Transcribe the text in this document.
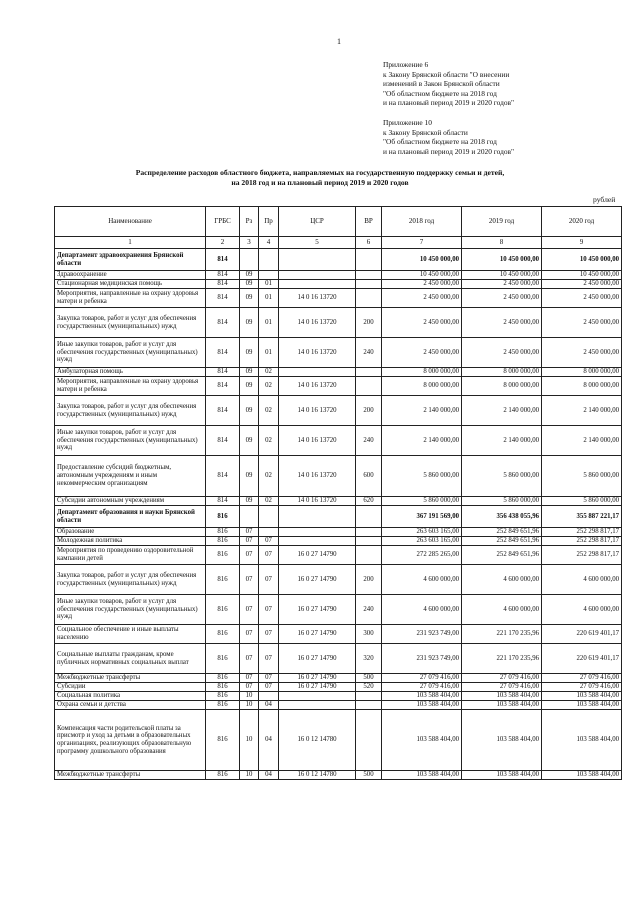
1
Приложение 6
к Закону Брянской области "О внесении
изменений в Закон Брянской области
"Об областном бюджете на 2018 год
и на плановый период 2019 и 2020 годов"
Приложение 10
к Закону Брянской области
"Об областном бюджете на 2018 год
и на плановый период 2019 и 2020 годов"
Распределение расходов областного бюджета, направляемых на государственную поддержку семьи и детей,
на 2018 год и на плановый период 2019 и 2020 годов
рублей
Наименование	ГРБС	Рз	Пр	ЦСР	ВР	2018 год	2019 год	2020 год
1	2	3	4	5	6	7	8	9
Департамент здравоохранения Брянской области	814					10 450 000,00	10 450 000,00	10 450 000,00
Здравоохранение	814	09				10 450 000,00	10 450 000,00	10 450 000,00
Стационарная медицинская помощь	814	09	01			2 450 000,00	2 450 000,00	2 450 000,00
Мероприятия, направленные на охрану здоровья матери и ребенка	814	09	01	14 0 16 13720		2 450 000,00	2 450 000,00	2 450 000,00
Закупка товаров, работ и услуг для обеспечения государственных (муниципальных) нужд	814	09	01	14 0 16 13720	200	2 450 000,00	2 450 000,00	2 450 000,00
Иные закупки товаров, работ и услуг для обеспечения государственных (муниципальных) нужд	814	09	01	14 0 16 13720	240	2 450 000,00	2 450 000,00	2 450 000,00
Амбулаторная помощь	814	09	02			8 000 000,00	8 000 000,00	8 000 000,00
Мероприятия, направленные на охрану здоровья матери и ребенка	814	09	02	14 0 16 13720		8 000 000,00	8 000 000,00	8 000 000,00
Закупка товаров, работ и услуг для обеспечения государственных (муниципальных) нужд	814	09	02	14 0 16 13720	200	2 140 000,00	2 140 000,00	2 140 000,00
Иные закупки товаров, работ и услуг для обеспечения государственных (муниципальных) нужд	814	09	02	14 0 16 13720	240	2 140 000,00	2 140 000,00	2 140 000,00
Предоставление субсидий бюджетным, автономным учреждениям и иным некоммерческим организациям	814	09	02	14 0 16 13720	600	5 860 000,00	5 860 000,00	5 860 000,00
Субсидии автономным учреждениям	814	09	02	14 0 16 13720	620	5 860 000,00	5 860 000,00	5 860 000,00
Департамент образования и науки Брянской области	816					367 191 569,00	356 438 055,96	355 887 221,17
Образование	816	07				263 603 165,00	252 849 651,96	252 298 817,17
Молодежная политика	816	07	07			263 603 165,00	252 849 651,96	252 298 817,17
Мероприятия по проведению оздоровительной кампании детей	816	07	07	16 0 27 14790		272 285 265,00	252 849 651,96	252 298 817,17
Закупка товаров, работ и услуг для обеспечения государственных (муниципальных) нужд	816	07	07	16 0 27 14790	200	4 600 000,00	4 600 000,00	4 600 000,00
Иные закупки товаров, работ и услуг для обеспечения государственных (муниципальных) нужд	816	07	07	16 0 27 14790	240	4 600 000,00	4 600 000,00	4 600 000,00
Социальное обеспечение и иные выплаты населению	816	07	07	16 0 27 14790	300	231 923 749,00	221 170 235,96	220 619 401,17
Социальные выплаты гражданам, кроме публичных нормативных социальных выплат	816	07	07	16 0 27 14790	320	231 923 749,00	221 170 235,96	220 619 401,17
Межбюджетные трансферты	816	07	07	16 0 27 14790	500	27 079 416,00	27 079 416,00	27 079 416,00
Субсидии	816	07	07	16 0 27 14790	520	27 079 416,00	27 079 416,00	27 079 416,00
Социальная политика	816	10				103 588 404,00	103 588 404,00	103 588 404,00
Охрана семьи и детства	816	10	04			103 588 404,00	103 588 404,00	103 588 404,00
Компенсация части родительской платы за присмотр и уход за детьми в образовательных организациях, реализующих образовательную программу дошкольного образования	816	10	04	16 0 12 14780		103 588 404,00	103 588 404,00	103 588 404,00
Межбюджетные трансферты	816	10	04	16 0 12 14780	500	103 588 404,00	103 588 404,00	103 588 404,00
